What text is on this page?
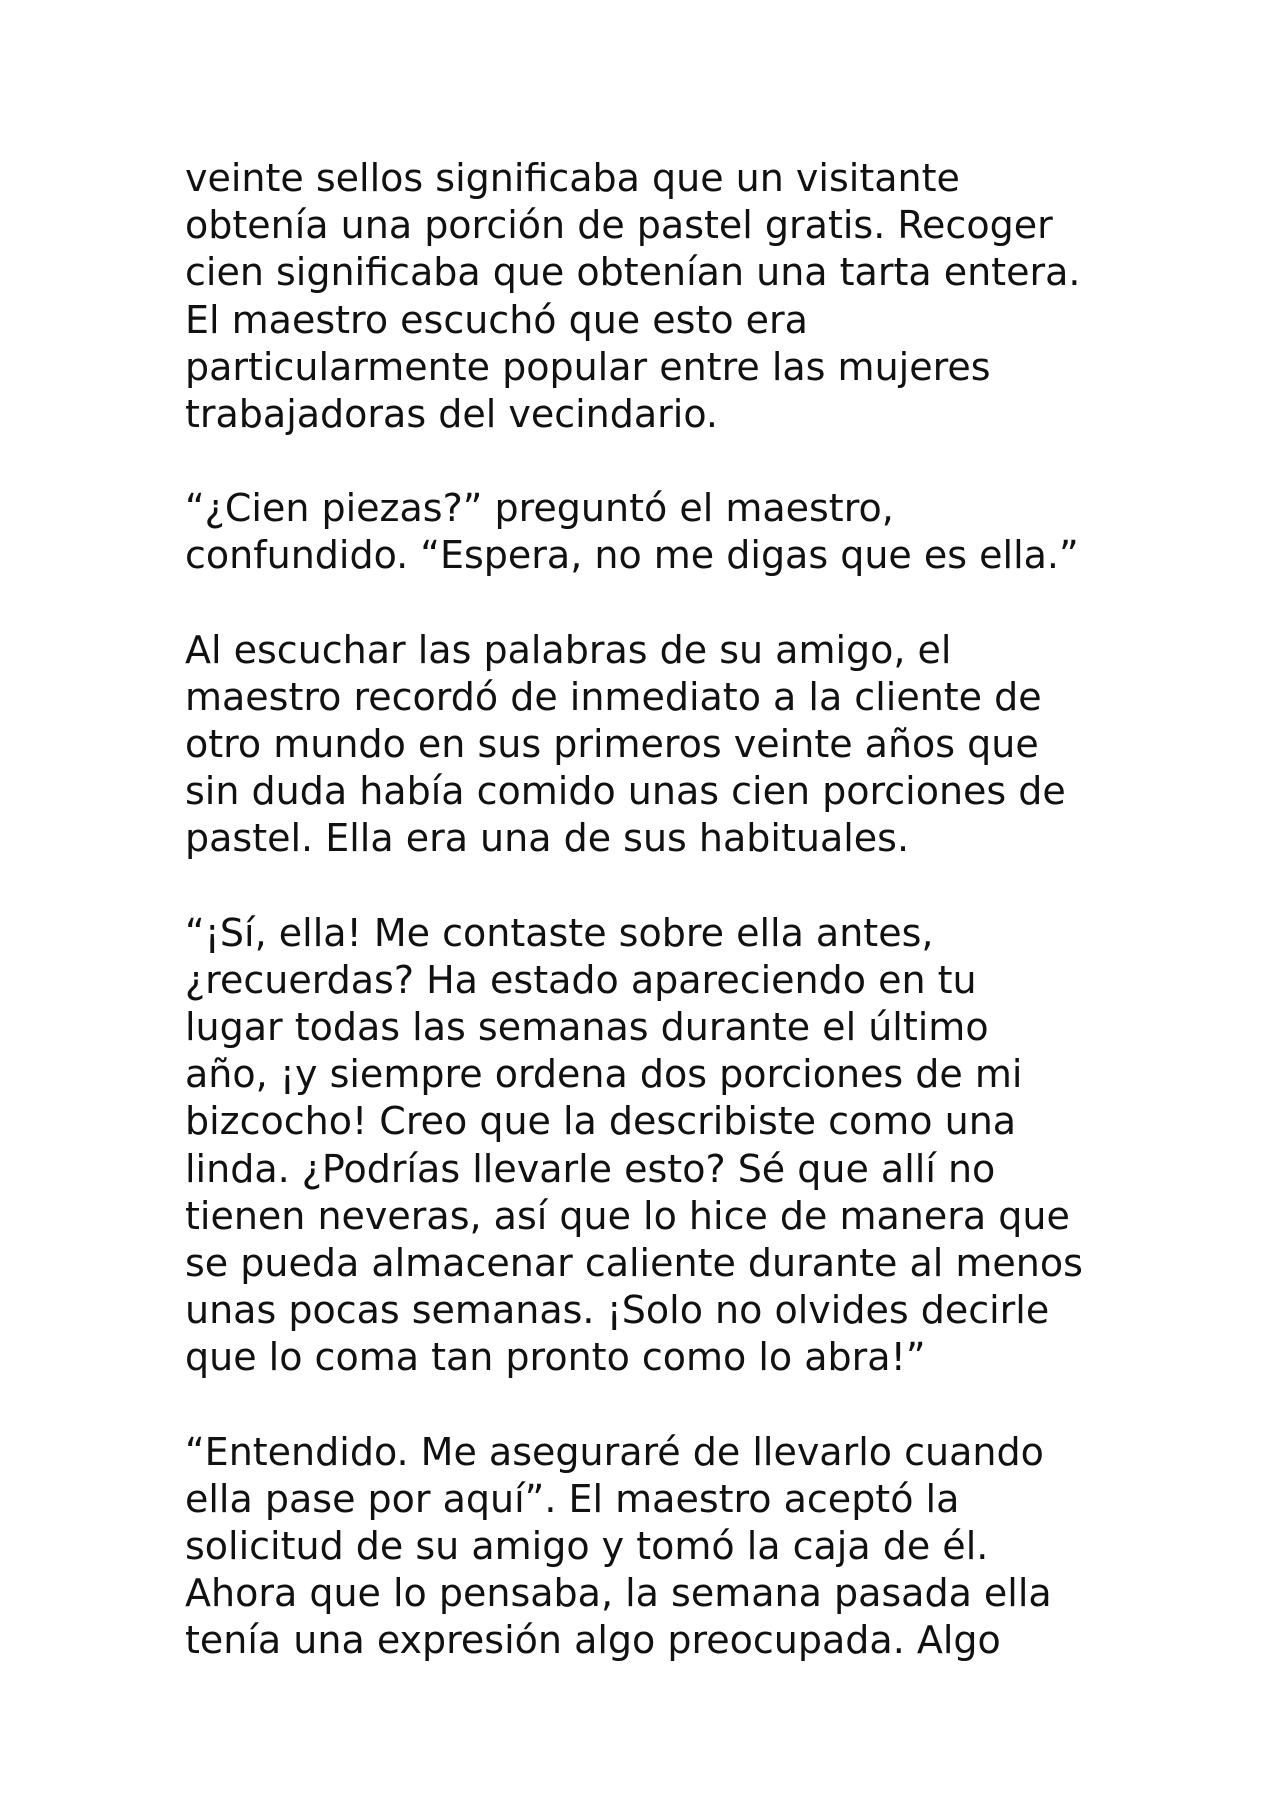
veinte sellos significaba que un visitante
obtenía una porción de pastel gratis. Recoger
cien significaba que obtenían una tarta entera.
El maestro escuchó que esto era
particularmente popular entre las mujeres
trabajadoras del vecindario.

“¿Cien piezas?” preguntó el maestro,
confundido. “Espera, no me digas que es ella.”

Al escuchar las palabras de su amigo, el
maestro recordó de inmediato a la cliente de
otro mundo en sus primeros veinte años que
sin duda había comido unas cien porciones de
pastel. Ella era una de sus habituales.

“¡Sí, ella! Me contaste sobre ella antes,
¿recuerdas? Ha estado apareciendo en tu
lugar todas las semanas durante el último
año, ¡y siempre ordena dos porciones de mi
bizcocho! Creo que la describiste como una
linda. ¿Podrías llevarle esto? Sé que allí no
tienen neveras, así que lo hice de manera que
se pueda almacenar caliente durante al menos
unas pocas semanas. ¡Solo no olvides decirle
que lo coma tan pronto como lo abra!”

“Entendido. Me aseguraré de llevarlo cuando
ella pase por aquí”. El maestro aceptó la
solicitud de su amigo y tomó la caja de él.
Ahora que lo pensaba, la semana pasada ella
tenía una expresión algo preocupada. Algo
